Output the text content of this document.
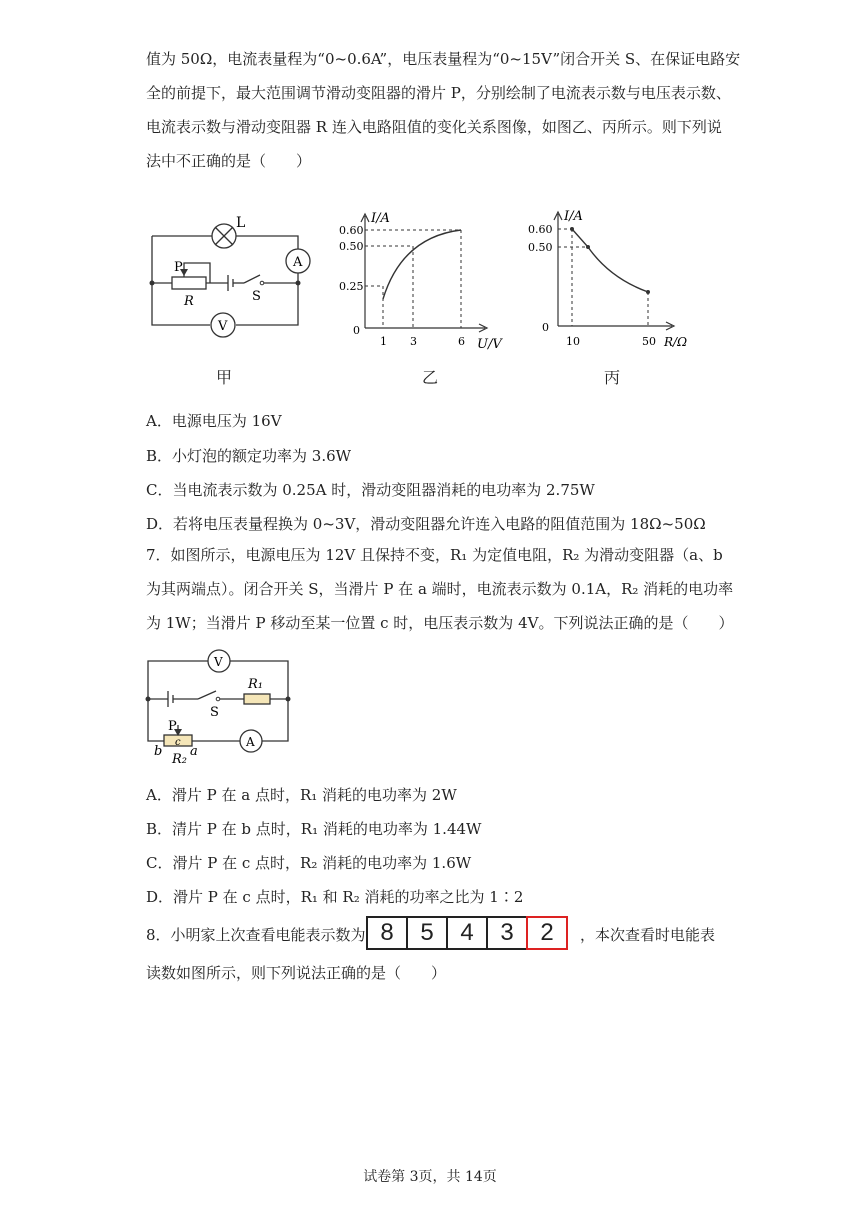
值为 50Ω，电流表量程为“0~0.6A”，电压表量程为“0~15V”闭合开关 S、在保证电路安
全的前提下，最大范围调节滑动变阻器的滑片 P，分别绘制了电流表示数与电压表示数、
电流表示数与滑动变阻器 R 连入电路阻值的变化关系图像，如图乙、丙所示。则下列说
法中不正确的是（　　）
L
A
P
R	S
V
I/A
0.60
0.50
0.25
0
1 3	6 U/V
I/A
0.60
0.50
0
10	50 R/Ω
甲	乙	丙
A．电源电压为 16V
B．小灯泡的额定功率为 3.6W
C．当电流表示数为 0.25A 时，滑动变阻器消耗的电功率为 2.75W
D．若将电压表量程换为 0~3V，滑动变阻器允许连入电路的阻值范围为 18Ω~50Ω
7．如图所示，电源电压为 12V 且保持不变，R₁ 为定值电阻，R₂ 为滑动变阻器（a、b
为其两端点）。闭合开关 S，当滑片 P 在 a 端时，电流表示数为 0.1A，R₂ 消耗的电功率
为 1W；当滑片 P 移动至某一位置 c 时，电压表示数为 4V。下列说法正确的是（　　）
V
S
R₁
P
c
b
R₂
a
A
A．滑片 P 在 a 点时，R₁ 消耗的电功率为 2W
B．清片 P 在 b 点时，R₁ 消耗的电功率为 1.44W
C．滑片 P 在 c 点时，R₂ 消耗的电功率为 1.6W
D．滑片 P 在 c 点时，R₁ 和 R₂ 消耗的功率之比为 1∶2
8．小明家上次查看电能表示数为 8	5	4	3	2	，本次查看时电能表
读数如图所示，则下列说法正确的是（　　）
试卷第 3页，共 14页
